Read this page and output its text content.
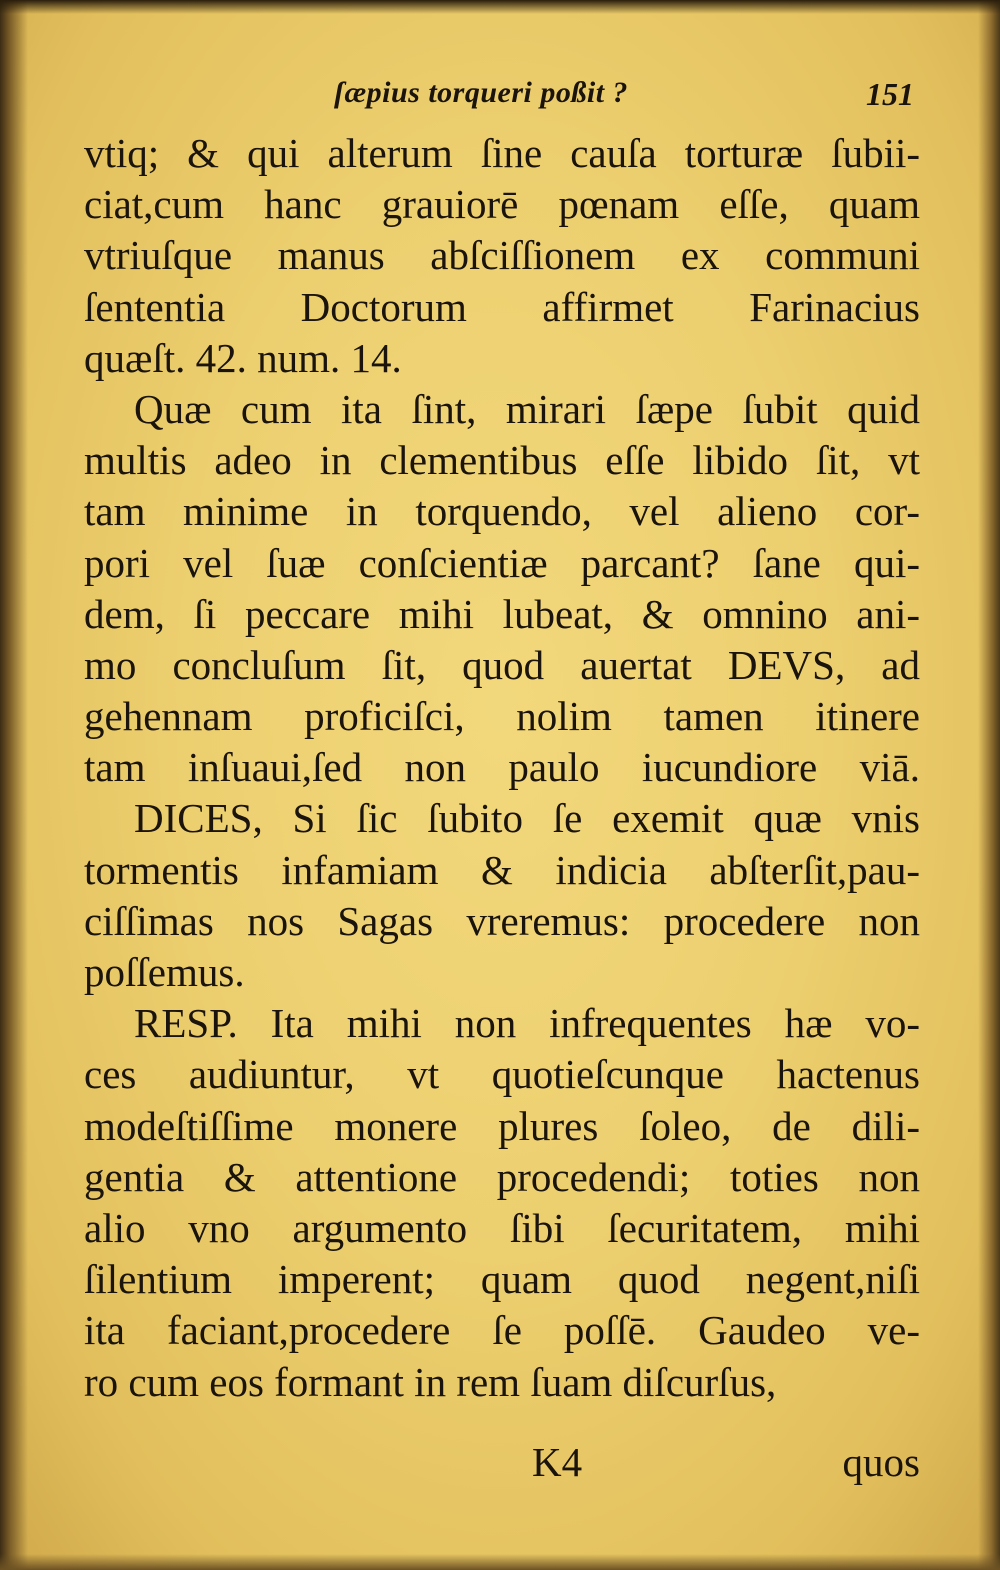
ſæpius torqueri poßit ?	151
vtiq; & qui alterum ſine cauſa torturæ ſubii-
ciat,cum hanc grauiorē pœnam eſſe, quam
vtriuſque manus abſciſſionem ex communi
ſententia Doctorum affirmet Farinacius
quæſt. 42. num. 14.
Quæ cum ita ſint, mirari ſæpe ſubit quid
multis adeo in clementibus eſſe libido ſit, vt
tam minime in torquendo, vel alieno cor-
pori vel ſuæ conſcientiæ parcant? ſane qui-
dem, ſi peccare mihi lubeat, & omnino ani-
mo concluſum ſit, quod auertat DEVS, ad
gehennam proficiſci, nolim tamen itinere
tam inſuaui,ſed non paulo iucundiore viā.
DICES, Si ſic ſubito ſe exemit quæ vnis
tormentis infamiam & indicia abſterſit,pau-
ciſſimas nos Sagas vreremus: procedere non
poſſemus.
RESP. Ita mihi non infrequentes hæ vo-
ces audiuntur, vt quotieſcunque hactenus
modeſtiſſime monere plures ſoleo, de dili-
gentia & attentione procedendi; toties non
alio vno argumento ſibi ſecuritatem, mihi
ſilentium imperent; quam quod negent,niſi
ita faciant,procedere ſe poſſē. Gaudeo ve-
ro cum eos formant in rem ſuam diſcurſus,
K4	quos
